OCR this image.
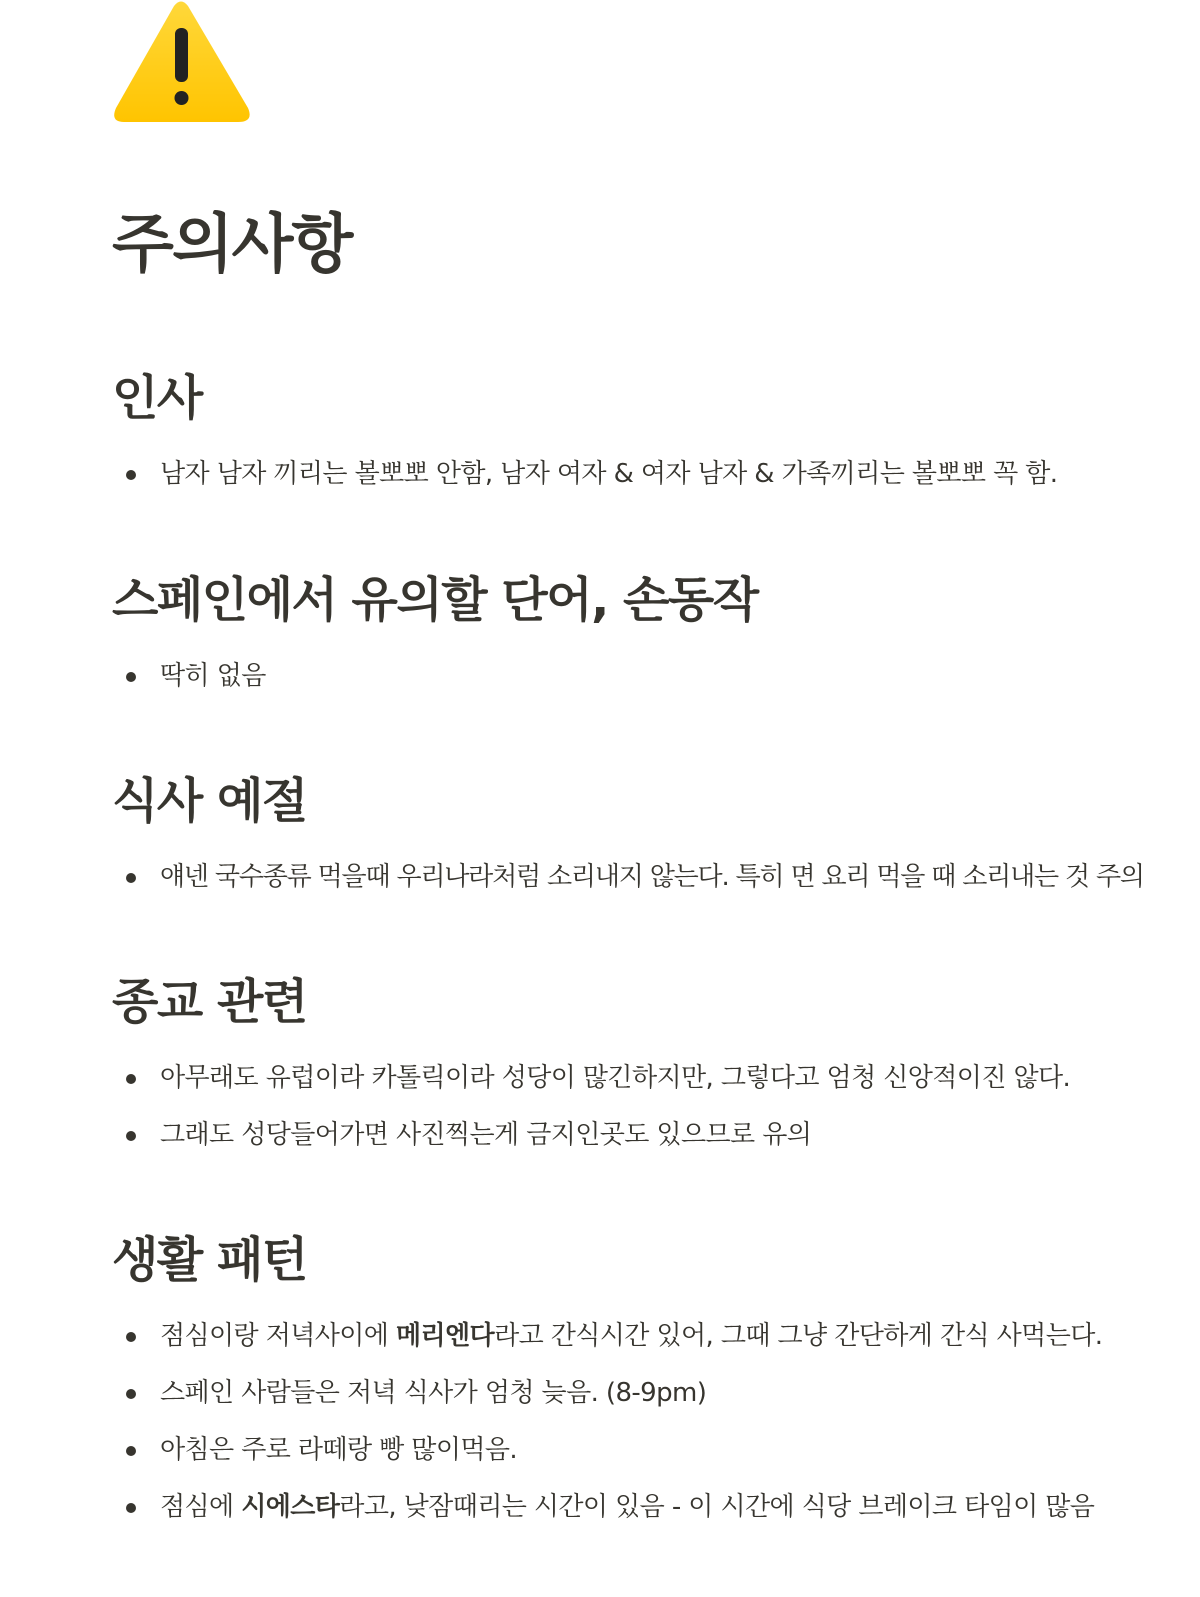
주의사항
인사
남자 남자 끼리는 볼뽀뽀 안함, 남자 여자 & 여자 남자 & 가족끼리는 볼뽀뽀 꼭 함.
스페인에서 유의할 단어, 손동작
딱히 없음
식사 예절
얘넨 국수종류 먹을때 우리나라처럼 소리내지 않는다. 특히 면 요리 먹을 때 소리내는 것 주의
종교 관련
아무래도 유럽이라 카톨릭이라 성당이 많긴하지만, 그렇다고 엄청 신앙적이진 않다.
그래도 성당들어가면 사진찍는게 금지인곳도 있으므로 유의
생활 패턴
점심이랑 저녁사이에 메리엔다라고 간식시간 있어, 그때 그냥 간단하게 간식 사먹는다.
스페인 사람들은 저녁 식사가 엄청 늦음. (8-9pm)
아침은 주로 라떼랑 빵 많이먹음.
점심에 시에스타라고, 낮잠때리는 시간이 있음 - 이 시간에 식당 브레이크 타임이 많음
